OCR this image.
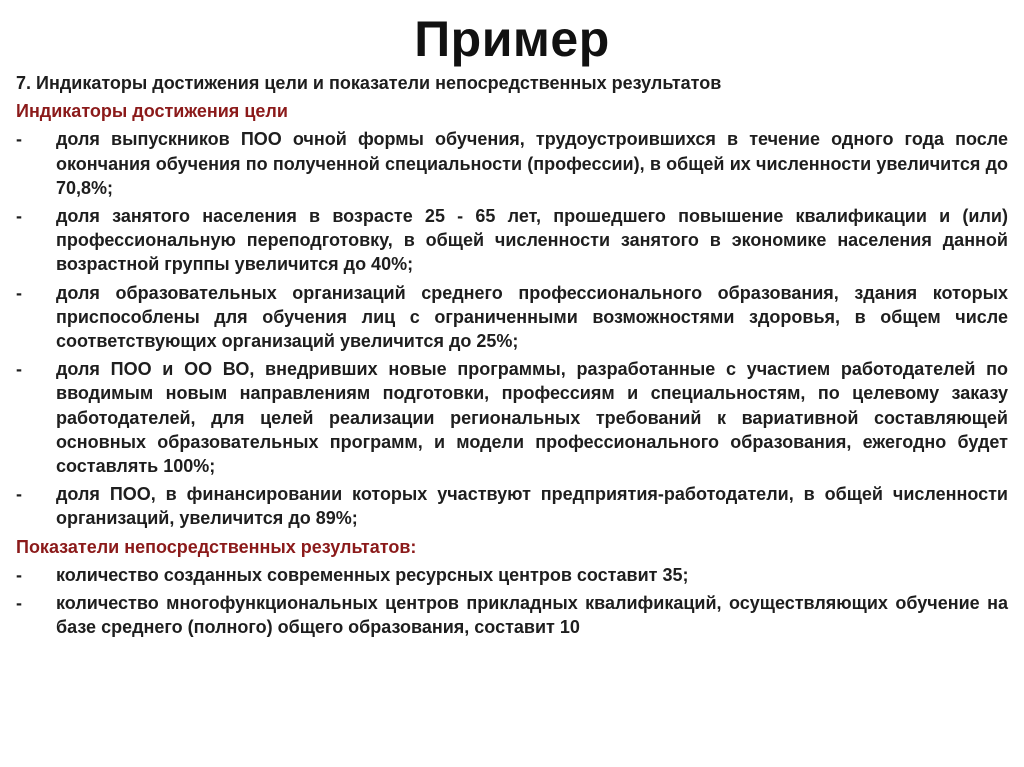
Пример
7. Индикаторы достижения цели и показатели непосредственных результатов
Индикаторы достижения цели
- доля выпускников ПОО очной формы обучения, трудоустроившихся в течение одного года после окончания обучения по полученной специальности (профессии), в общей их численности увеличится до 70,8%;
- доля занятого населения в возрасте 25 - 65 лет, прошедшего повышение квалификации и (или) профессиональную переподготовку, в общей численности занятого в экономике населения данной возрастной группы увеличится до 40%;
- доля образовательных организаций среднего профессионального образования, здания которых приспособлены для обучения лиц с ограниченными возможностями здоровья, в общем числе соответствующих организаций увеличится до 25%;
- доля ПОО и ОО ВО, внедривших новые программы, разработанные с участием работодателей по вводимым новым направлениям подготовки, профессиям и специальностям, по целевому заказу работодателей, для целей реализации региональных требований к вариативной составляющей основных образовательных программ, и модели профессионального образования, ежегодно будет составлять 100%;
- доля ПОО, в финансировании которых участвуют предприятия-работодатели, в общей численности организаций, увеличится до 89%;
Показатели непосредственных результатов:
- количество созданных современных ресурсных центров составит 35;
- количество многофункциональных центров прикладных квалификаций, осуществляющих обучение на базе среднего (полного) общего образования, составит 10
